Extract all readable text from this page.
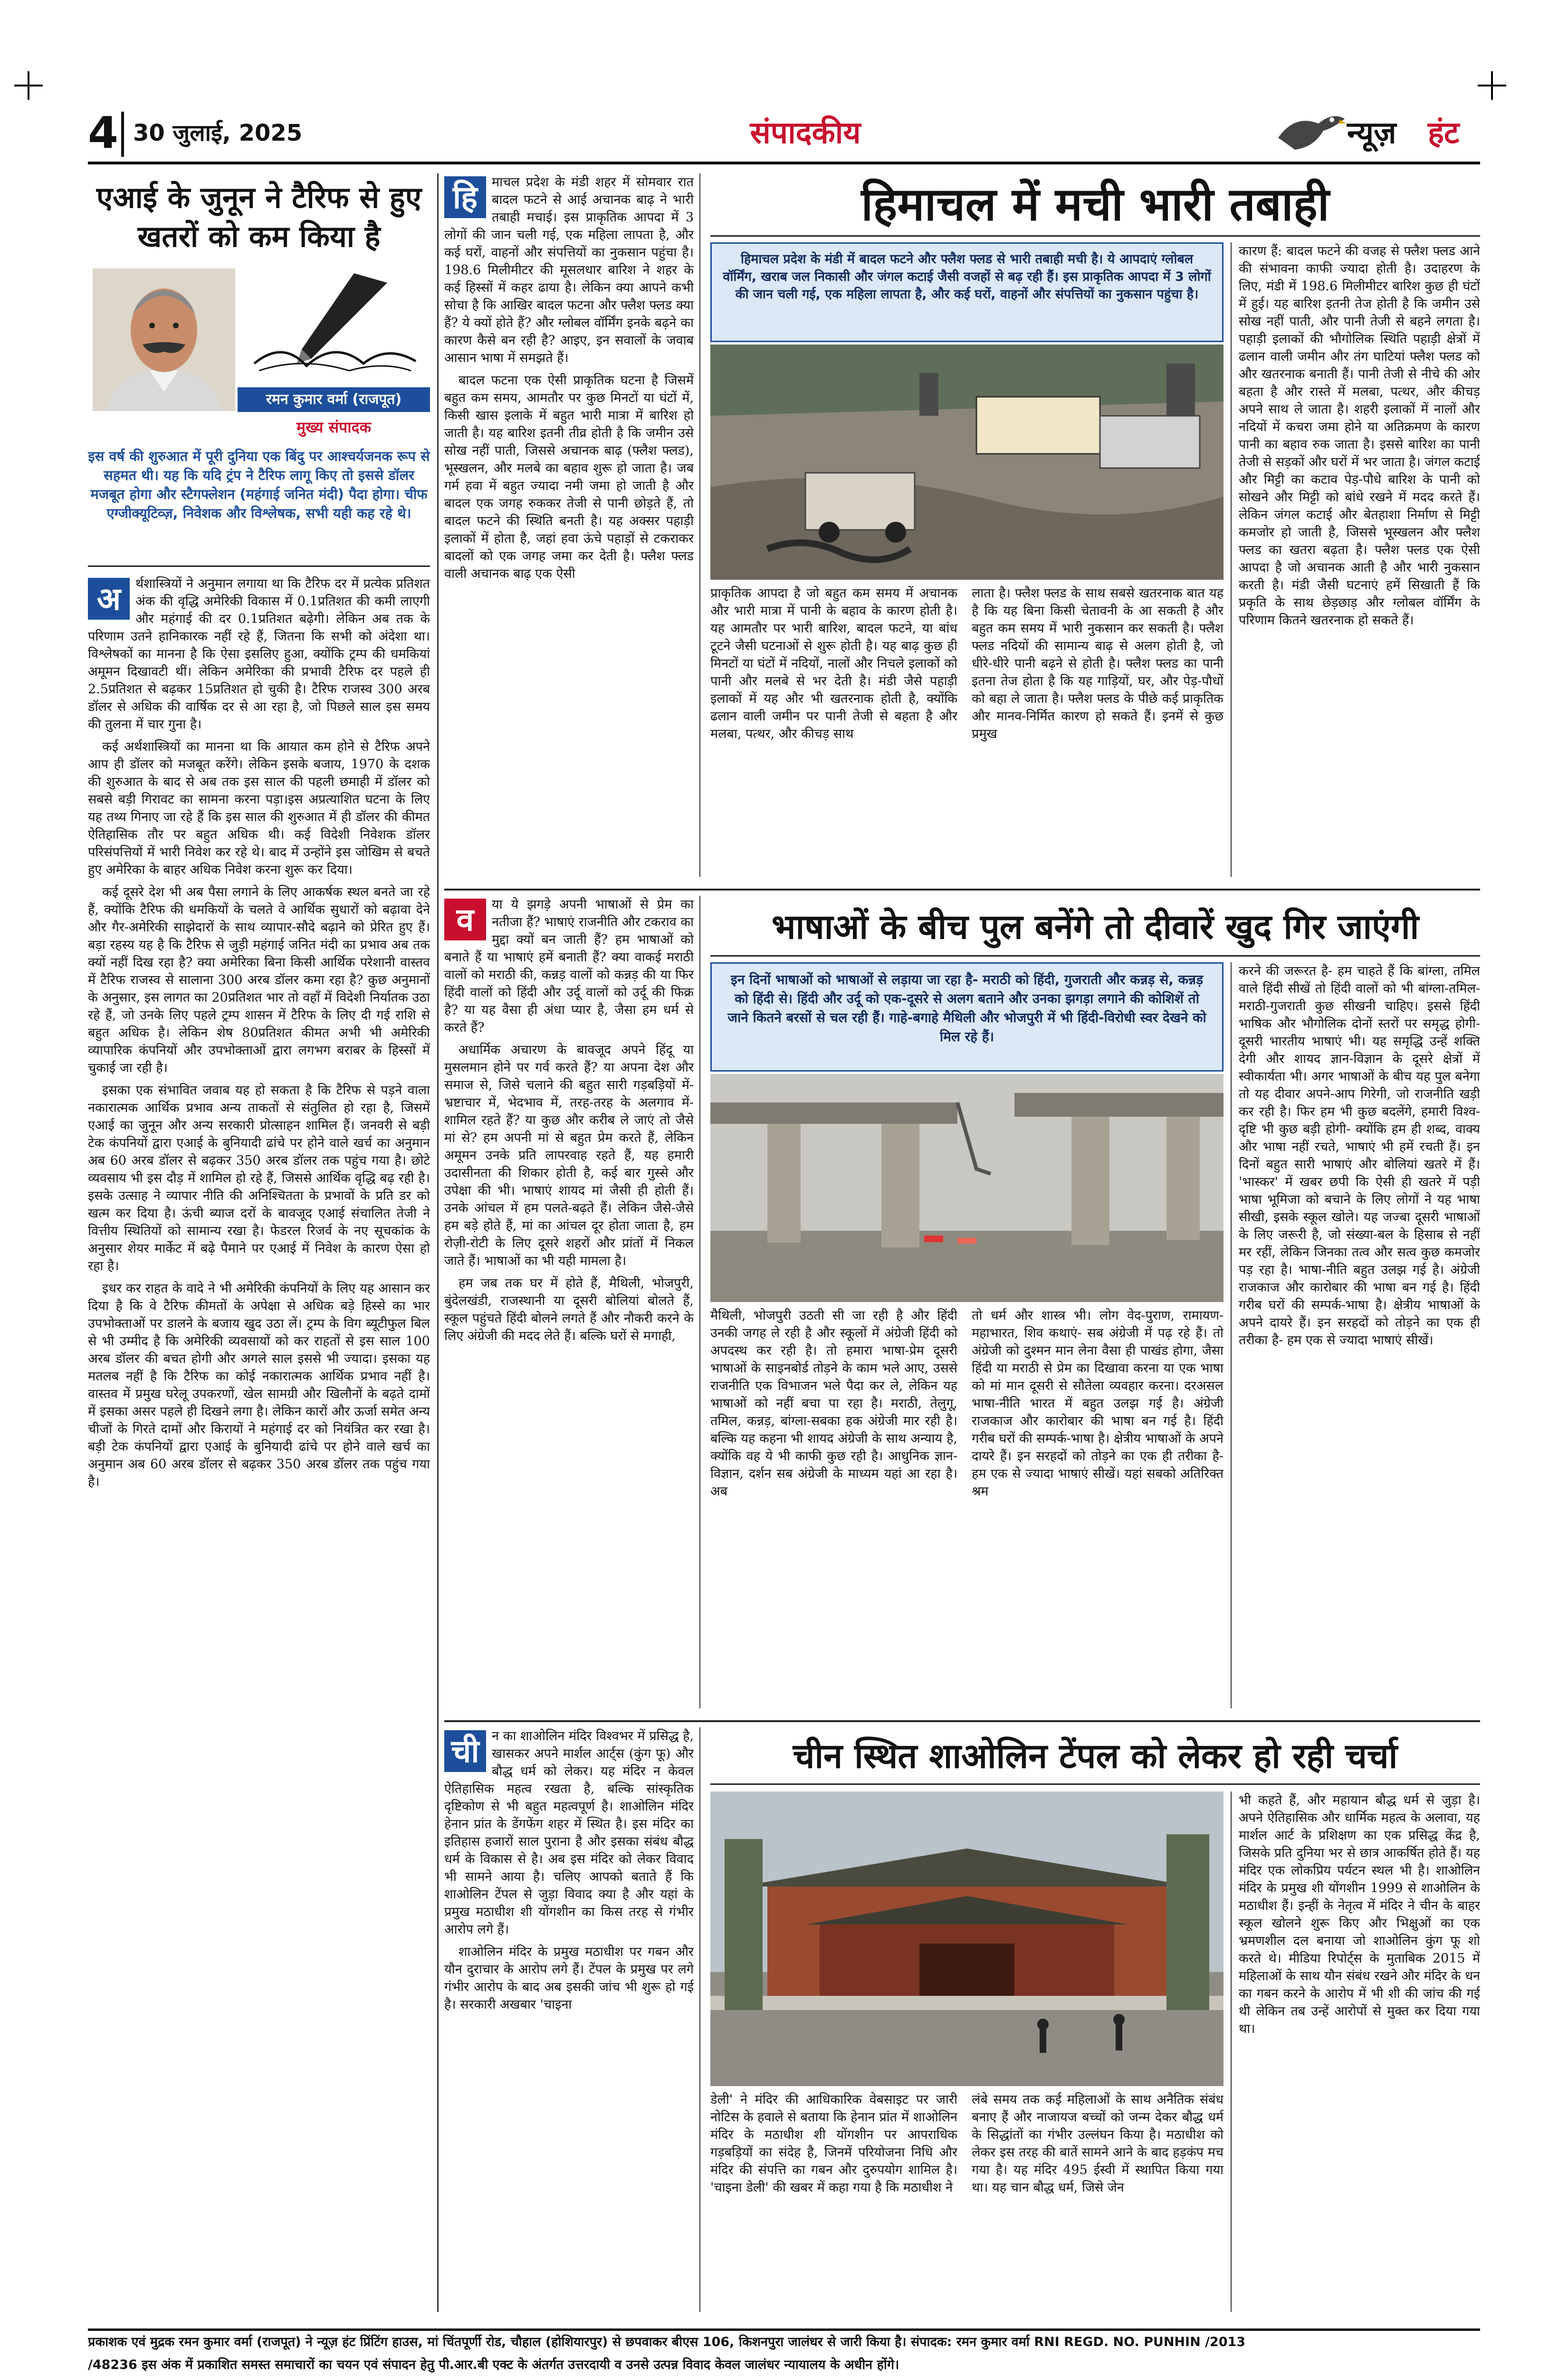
4 30 जुलाई, 2025	संपादकीय	न्यूज़ हंट
एआई के जुनून ने टैरिफ से हुए खतरों को कम किया है
रमन कुमार वर्मा (राजपूत)
मुख्य संपादक
इस वर्ष की शुरुआत में पूरी दुनिया एक बिंदु पर आश्चर्यजनक रूप से सहमत थी। यह कि यदि ट्रंप ने टैरिफ लागू किए तो इससे डॉलर मजबूत होगा और स्टैगफ्लेशन (महंगाई जनित मंदी) पैदा होगा। चीफ एग्जीक्यूटिव्ज़, निवेशक और विश्लेषक, सभी यही कह रहे थे।
अ	र्थशास्त्रियों ने अनुमान लगाया था कि टैरिफ दर में प्रत्येक प्रतिशत अंक की वृद्धि अमेरिकी विकास में 0.1प्रतिशत की कमी लाएगी और महंगाई की दर 0.1प्रतिशत बढ़ेगी। लेकिन अब तक के परिणाम उतने हानिकारक नहीं रहे हैं, जितना कि सभी को अंदेशा था।विश्लेषकों का मानना है कि ऐसा इसलिए हुआ, क्योंकि ट्रम्प की धमकियां अमूमन दिखावटी थीं। लेकिन अमेरिका की प्रभावी टैरिफ दर पहले ही 2.5प्रतिशत से बढ़कर 15प्रतिशत हो चुकी है। टैरिफ राजस्व 300 अरब डॉलर से अधिक की वार्षिक दर से आ रहा है, जो पिछले साल इस समय की तुलना में चार गुना है।

कई अर्थशास्त्रियों का मानना था कि आयात कम होने से टैरिफ अपने आप ही डॉलर को मजबूत करेंगे। लेकिन इसके बजाय, 1970 के दशक की शुरुआत के बाद से अब तक इस साल की पहली छमाही में डॉलर को सबसे बड़ी गिरावट का सामना करना पड़ा।इस अप्रत्याशित घटना के लिए यह तथ्य गिनाए जा रहे हैं कि इस साल की शुरुआत में ही डॉलर की कीमत ऐतिहासिक तौर पर बहुत अधिक थी। कई विदेशी निवेशक डॉलर परिसंपत्तियों में भारी निवेश कर रहे थे। बाद में उन्होंने इस जोखिम से बचते हुए अमेरिका के बाहर अधिक निवेश करना शुरू कर दिया।

कई दूसरे देश भी अब पैसा लगाने के लिए आकर्षक स्थल बनते जा रहे हैं, क्योंकि टैरिफ की धमकियों के चलते वे आर्थिक सुधारों को बढ़ावा देने और गैर-अमेरिकी साझेदारों के साथ व्यापार-सौदे बढ़ाने को प्रेरित हुए हैं। बड़ा रहस्य यह है कि टैरिफ से जुड़ी महंगाई जनित मंदी का प्रभाव अब तक क्यों नहीं दिख रहा है? क्या अमेरिका बिना किसी आर्थिक परेशानी वास्तव में टैरिफ राजस्व से सालाना 300 अरब डॉलर कमा रहा है? कुछ अनुमानों के अनुसार, इस लागत का 20प्रतिशत भार तो वहाँ में विदेशी निर्यातक उठा रहे हैं, जो उनके लिए पहले ट्रम्प शासन में टैरिफ के लिए दी गई राशि से बहुत अधिक है। लेकिन शेष 80प्रतिशत कीमत अभी भी अमेरिकी व्यापारिक कंपनियों और उपभोक्ताओं द्वारा लगभग बराबर के हिस्सों में चुकाई जा रही है।

इसका एक संभावित जवाब यह हो सकता है कि टैरिफ से पड़ने वाला नकारात्मक आर्थिक प्रभाव अन्य ताकतों से संतुलित हो रहा है, जिसमें एआई का जुनून और अन्य सरकारी प्रोत्साहन शामिल हैं। जनवरी से बड़ी टेक कंपनियों द्वारा एआई के बुनियादी ढांचे पर होने वाले खर्च का अनुमान अब 60 अरब डॉलर से बढ़कर 350 अरब डॉलर तक पहुंच गया है। छोटे व्यवसाय भी इस दौड़ में शामिल हो रहे हैं, जिससे आर्थिक वृद्धि बढ़ रही है। इसके उत्साह ने व्यापार नीति की अनिश्चितता के प्रभावों के प्रति डर को खत्म कर दिया है। ऊंची ब्याज दरों के बावजूद एआई संचालित तेजी ने वित्तीय स्थितियों को सामान्य रखा है। फेडरल रिजर्व के नए सूचकांक के अनुसार शेयर मार्केट में बढ़े पैमाने पर एआई में निवेश के कारण ऐसा हो रहा है।

इधर कर राहत के वादे ने भी अमेरिकी कंपनियों के लिए यह आसान कर दिया है कि वे टैरिफ कीमतों के अपेक्षा से अधिक बड़े हिस्से का भार उपभोक्ताओं पर डालने के बजाय खुद उठा लें। ट्रम्प के विग ब्यूटीफुल बिल से भी उम्मीद है कि अमेरिकी व्यवसायों को कर राहतों से इस साल 100 अरब डॉलर की बचत होगी और अगले साल इससे भी ज्यादा। इसका यह मतलब नहीं है कि टैरिफ का कोई नकारात्मक आर्थिक प्रभाव नहीं है। वास्तव में प्रमुख घरेलू उपकरणों, खेल सामग्री और खिलौनों के बढ़ते दामों में इसका असर पहले ही दिखने लगा है। लेकिन कारों और ऊर्जा समेत अन्य चीजों के गिरते दामों और किरायों ने महंगाई दर को नियंत्रित कर रखा है। बड़ी टेक कंपनियों द्वारा एआई के बुनियादी ढांचे पर होने वाले खर्च का अनुमान अब 60 अरब डॉलर से बढ़कर 350 अरब डॉलर तक पहुंच गया है।

हि	माचल प्रदेश के मंडी शहर में सोमवार रात बादल फटने से आई अचानक बाढ़ ने भारी तबाही मचाई। इस प्राकृतिक आपदा में 3 लोगों की जान चली गई, एक महिला लापता है, और कई घरों, वाहनों और संपत्तियों का नुकसान पहुंचा है। 198.6 मिलीमीटर की मूसलधार बारिश ने शहर के कई हिस्सों में कहर ढाया है। लेकिन क्या आपने कभी सोचा है कि आखिर बादल फटना और फ्लैश फ्लड क्या हैं? ये क्यों होते हैं? और ग्लोबल वॉर्मिंग इनके बढ़ने का कारण कैसे बन रही है? आइए, इन सवालों के जवाब आसान भाषा में समझते हैं।

बादल फटना एक ऐसी प्राकृतिक घटना है जिसमें बहुत कम समय, आमतौर पर कुछ मिनटों या घंटों में, किसी खास इलाके में बहुत भारी मात्रा में बारिश हो जाती है। यह बारिश इतनी तीव्र होती है कि जमीन उसे सोख नहीं पाती, जिससे अचानक बाढ़ (फ्लैश फ्लड), भूस्खलन, और मलबे का बहाव शुरू हो जाता है। जब गर्म हवा में बहुत ज्यादा नमी जमा हो जाती है और बादल एक जगह रुककर तेजी से पानी छोड़ते हैं, तो बादल फटने की स्थिति बनती है। यह अक्सर पहाड़ी इलाकों में होता है, जहां हवा ऊंचे पहाड़ों से टकराकर बादलों को एक जगह जमा कर देती है। फ्लैश फ्लड वाली अचानक बाढ़ एक ऐसी

हिमाचल में मची भारी तबाही
हिमाचल प्रदेश के मंडी में बादल फटने और फ्लैश फ्लड से भारी तबाही मची है। ये आपदाएं ग्लोबल वॉर्मिंग, खराब जल निकासी और जंगल कटाई जैसी वजहों से बढ़ रही हैं। इस प्राकृतिक आपदा में 3 लोगों की जान चली गई, एक महिला लापता है, और कई घरों, वाहनों और संपत्तियों का नुकसान पहुंचा है।
प्राकृतिक आपदा है जो बहुत कम समय में अचानक और भारी मात्रा में पानी के बहाव के कारण होती है। यह आमतौर पर भारी बारिश, बादल फटने, या बांध टूटने जैसी घटनाओं से शुरू होती है। यह बाढ़ कुछ ही मिनटों या घंटों में नदियों, नालों और निचले इलाकों को पानी और मलबे से भर देती है। मंडी जैसे पहाड़ी इलाकों में यह और भी खतरनाक होती है, क्योंकि ढलान वाली जमीन पर पानी तेजी से बहता है और मलबा, पत्थर, और कीचड़ साथ
लाता है। फ्लैश फ्लड के साथ सबसे खतरनाक बात यह है कि यह बिना किसी चेतावनी के आ सकती है और बहुत कम समय में भारी नुकसान कर सकती है। फ्लैश फ्लड नदियों की सामान्य बाढ़ से अलग होती है, जो धीरे-धीरे पानी बढ़ने से होती है। फ्लैश फ्लड का पानी इतना तेज होता है कि यह गाड़ियों, घर, और पेड़-पौधों को बहा ले जाता है। फ्लैश फ्लड के पीछे कई प्राकृतिक और मानव-निर्मित कारण हो सकते हैं। इनमें से कुछ प्रमुख
कारण हैं: बादल फटने की वजह से फ्लैश फ्लड आने की संभावना काफी ज्यादा होती है। उदाहरण के लिए, मंडी में 198.6 मिलीमीटर बारिश कुछ ही घंटों में हुई। यह बारिश इतनी तेज होती है कि जमीन उसे सोख नहीं पाती, और पानी तेजी से बहने लगता है। पहाड़ी इलाकों की भौगोलिक स्थिति पहाड़ी क्षेत्रों में ढलान वाली जमीन और तंग घाटियां फ्लैश फ्लड को और खतरनाक बनाती हैं। पानी तेजी से नीचे की ओर बहता है और रास्ते में मलबा, पत्थर, और कीचड़ अपने साथ ले जाता है। शहरी इलाकों में नालों और नदियों में कचरा जमा होने या अतिक्रमण के कारण पानी का बहाव रुक जाता है। इससे बारिश का पानी तेजी से सड़कों और घरों में भर जाता है। जंगल कटाई और मिट्टी का कटाव पेड़-पौधे बारिश के पानी को सोखने और मिट्टी को बांधे रखने में मदद करते हैं। लेकिन जंगल कटाई और बेतहाशा निर्माण से मिट्टी कमजोर हो जाती है, जिससे भूस्खलन और फ्लैश फ्लड का खतरा बढ़ता है। फ्लैश फ्लड एक ऐसी आपदा है जो अचानक आती है और भारी नुकसान करती है। मंडी जैसी घटनाएं हमें सिखाती हैं कि प्रकृति के साथ छेड़छाड़ और ग्लोबल वॉर्मिंग के परिणाम कितने खतरनाक हो सकते हैं।
व	या ये झगड़े अपनी भाषाओं से प्रेम का नतीजा हैं? भाषाएं राजनीति और टकराव का मुद्दा क्यों बन जाती हैं? हम भाषाओं को बनाते हैं या भाषाएं हमें बनाती हैं? क्या वाकई मराठी वालों को मराठी की, कन्नड़ वालों को कन्नड़ की या फिर हिंदी वालों को हिंदी और उर्दू वालों को उर्दू की फिक्र है? या यह वैसा ही अंधा प्यार है, जैसा हम धर्म से करते हैं?

अधार्मिक अचारण के बावजूद अपने हिंदू या मुसलमान होने पर गर्व करते हैं? या अपना देश और समाज से, जिसे चलाने की बहुत सारी गड़बड़ियों में- भ्रष्टाचार में, भेदभाव में, तरह-तरह के अलगाव में- शामिल रहते हैं? या कुछ और करीब ले जाएं तो जैसे मां से? हम अपनी मां से बहुत प्रेम करते हैं, लेकिन अमूमन उनके प्रति लापरवाह रहते हैं, यह हमारी उदासीनता की शिकार होती है, कई बार गुस्से और उपेक्षा की भी। भाषाएं शायद मां जैसी ही होती हैं। उनके आंचल में हम पलते-बढ़ते हैं। लेकिन जैसे-जैसे हम बड़े होते हैं, मां का आंचल दूर होता जाता है, हम रोज़ी-रोटी के लिए दूसरे शहरों और प्रांतों में निकल जाते हैं। भाषाओं का भी यही मामला है।

हम जब तक घर में होते हैं, मैथिली, भोजपुरी, बुंदेलखंडी, राजस्थानी या दूसरी बोलियां बोलते हैं, स्कूल पहुंचते हिंदी बोलने लगते हैं और नौकरी करने के लिए अंग्रेजी की मदद लेते हैं। बल्कि घरों से मगाही,

भाषाओं के बीच पुल बनेंगे तो दीवारें खुद गिर जाएंगी
इन दिनों भाषाओं को भाषाओं से लड़ाया जा रहा है- मराठी को हिंदी, गुजराती और कन्नड़ से, कन्नड़ को हिंदी से। हिंदी और उर्दू को एक-दूसरे से अलग बताने और उनका झगड़ा लगाने की कोशिशें तो जाने कितने बरसों से चल रही हैं। गाहे-बगाहे मैथिली और भोजपुरी में भी हिंदी-विरोधी स्वर देखने को मिल रहे हैं।
मैथिली, भोजपुरी उठती सी जा रही है और हिंदी उनकी जगह ले रही है और स्कूलों में अंग्रेजी हिंदी को अपदस्थ कर रही है। तो हमारा भाषा-प्रेम दूसरी भाषाओं के साइनबोर्ड तोड़ने के काम भले आए, उससे राजनीति एक विभाजन भले पैदा कर ले, लेकिन यह भाषाओं को नहीं बचा पा रहा है। मराठी, तेलुगू, तमिल, कन्नड़, बांग्ला-सबका हक अंग्रेजी मार रही है। बल्कि यह कहना भी शायद अंग्रेजी के साथ अन्याय है, क्योंकि वह ये भी काफी कुछ रही है। आधुनिक ज्ञान-विज्ञान, दर्शन सब अंग्रेजी के माध्यम यहां आ रहा है। अब
तो धर्म और शास्त्र भी। लोग वेद-पुराण, रामायण-महाभारत, शिव कथाएं- सब अंग्रेजी में पढ़ रहे हैं। तो अंग्रेजी को दुश्मन मान लेना वैसा ही पाखंड होगा, जैसा हिंदी या मराठी से प्रेम का दिखावा करना या एक भाषा को मां मान दूसरी से सौतेला व्यवहार करना। दरअसल भाषा-नीति भारत में बहुत उलझ गई है। अंग्रेजी राजकाज और कारोबार की भाषा बन गई है। हिंदी गरीब घरों की सम्पर्क-भाषा है। क्षेत्रीय भाषाओं के अपने दायरे हैं। इन सरहदों को तोड़ने का एक ही तरीका है- हम एक से ज्यादा भाषाएं सीखें। यहां सबको अतिरिक्त श्रम
करने की जरूरत है- हम चाहते हैं कि बांग्ला, तमिल वाले हिंदी सीखें तो हिंदी वालों को भी बांग्ला-तमिल-मराठी-गुजराती कुछ सीखनी चाहिए। इससे हिंदी भाषिक और भौगोलिक दोनों स्तरों पर समृद्ध होगी- दूसरी भारतीय भाषाएं भी। यह समृद्धि उन्हें शक्ति देगी और शायद ज्ञान-विज्ञान के दूसरे क्षेत्रों में स्वीकार्यता भी। अगर भाषाओं के बीच यह पुल बनेगा तो यह दीवार अपने-आप गिरेगी, जो राजनीति खड़ी कर रही है। फिर हम भी कुछ बदलेंगे, हमारी विश्व-दृष्टि भी कुछ बड़ी होगी- क्योंकि हम ही शब्द, वाक्य और भाषा नहीं रचते, भाषाएं भी हमें रचती हैं। इन दिनों बहुत सारी भाषाएं और बोलियां खतरे में हैं। 'भास्कर' में खबर छपी कि ऐसी ही खतरे में पड़ी भाषा भूमिजा को बचाने के लिए लोगों ने यह भाषा सीखी, इसके स्कूल खोले। यह जज्बा दूसरी भाषाओं के लिए जरूरी है, जो संख्या-बल के हिसाब से नहीं मर रहीं, लेकिन जिनका तत्व और सत्व कुछ कमजोर पड़ रहा है। भाषा-नीति बहुत उलझ गई है। अंग्रेजी राजकाज और कारोबार की भाषा बन गई है। हिंदी गरीब घरों की सम्पर्क-भाषा है। क्षेत्रीय भाषाओं के अपने दायरे हैं। इन सरहदों को तोड़ने का एक ही तरीका है- हम एक से ज्यादा भाषाएं सीखें।
ची न का शाओलिन मंदिर विश्वभर में प्रसिद्ध है, खासकर अपने मार्शल आर्ट्स (कुंग फू) और बौद्ध धर्म को लेकर। यह मंदिर न केवल ऐतिहासिक महत्व रखता है, बल्कि सांस्कृतिक दृष्टिकोण से भी बहुत महत्वपूर्ण है। शाओलिन मंदिर हेनान प्रांत के डेंगफेंग शहर में स्थित है। इस मंदिर का इतिहास हजारों साल पुराना है और इसका संबंध बौद्ध धर्म के विकास से है। अब इस मंदिर को लेकर विवाद भी सामने आया है। चलिए आपको बताते हैं कि शाओलिन टेंपल से जुड़ा विवाद क्या है और यहां के प्रमुख मठाधीश शी योंगशीन का किस तरह से गंभीर आरोप लगे हैं।

शाओलिन मंदिर के प्रमुख मठाधीश पर गबन और यौन दुराचार के आरोप लगे हैं। टेंपल के प्रमुख पर लगे गंभीर आरोप के बाद अब इसकी जांच भी शुरू हो गई है। सरकारी अखबार 'चाइना

चीन स्थित शाओलिन टेंपल को लेकर हो रही चर्चा
डेली' ने मंदिर की आधिकारिक वेबसाइट पर जारी नोटिस के हवाले से बताया कि हेनान प्रांत में शाओलिन मंदिर के मठाधीश शी योंगशीन पर आपराधिक गड़बड़ियों का संदेह है, जिनमें परियोजना निधि और मंदिर की संपत्ति का गबन और दुरुपयोग शामिल है। 'चाइना डेली' की खबर में कहा गया है कि मठाधीश ने
लंबे समय तक कई महिलाओं के साथ अनैतिक संबंध बनाए हैं और नाजायज बच्चों को जन्म देकर बौद्ध धर्म के सिद्धांतों का गंभीर उल्लंघन किया है। मठाधीश को लेकर इस तरह की बातें सामने आने के बाद हड़कंप मच गया है। यह मंदिर 495 ईस्वी में स्थापित किया गया था। यह चान बौद्ध धर्म, जिसे जेन
भी कहते हैं, और महायान बौद्ध धर्म से जुड़ा है। अपने ऐतिहासिक और धार्मिक महत्व के अलावा, यह मार्शल आर्ट के प्रशिक्षण का एक प्रसिद्ध केंद्र है, जिसके प्रति दुनिया भर से छात्र आकर्षित होते हैं। यह मंदिर एक लोकप्रिय पर्यटन स्थल भी है। शाओलिन मंदिर के प्रमुख शी योंगशीन 1999 से शाओलिन के मठाधीश हैं। इन्हीं के नेतृत्व में मंदिर ने चीन के बाहर स्कूल खोलने शुरू किए और भिक्षुओं का एक भ्रमणशील दल बनाया जो शाओलिन कुंग फू शो करते थे। मीडिया रिपोर्ट्स के मुताबिक 2015 में महिलाओं के साथ यौन संबंध रखने और मंदिर के धन का गबन करने के आरोप में भी शी की जांच की गई थी लेकिन तब उन्हें आरोपों से मुक्त कर दिया गया था।
प्रकाशक एवं मुद्रक रमन कुमार वर्मा (राजपूत) ने न्यूज़ हंट प्रिंटिंग हाउस, मां चिंतपूर्णी रोड, चौहाल (होशियारपुर) से छपवाकर बीएस 106, किशनपुरा जालंधर से जारी किया है। संपादक: रमन कुमार वर्मा RNI REGD. NO. PUNHIN /2013
/48236 इस अंक में प्रकाशित समस्त समाचारों का चयन एवं संपादन हेतु पी.आर.बी एक्ट के अंतर्गत उत्तरदायी व उनसे उत्पन्न विवाद केवल जालंधर न्यायालय के अधीन होंगे।
